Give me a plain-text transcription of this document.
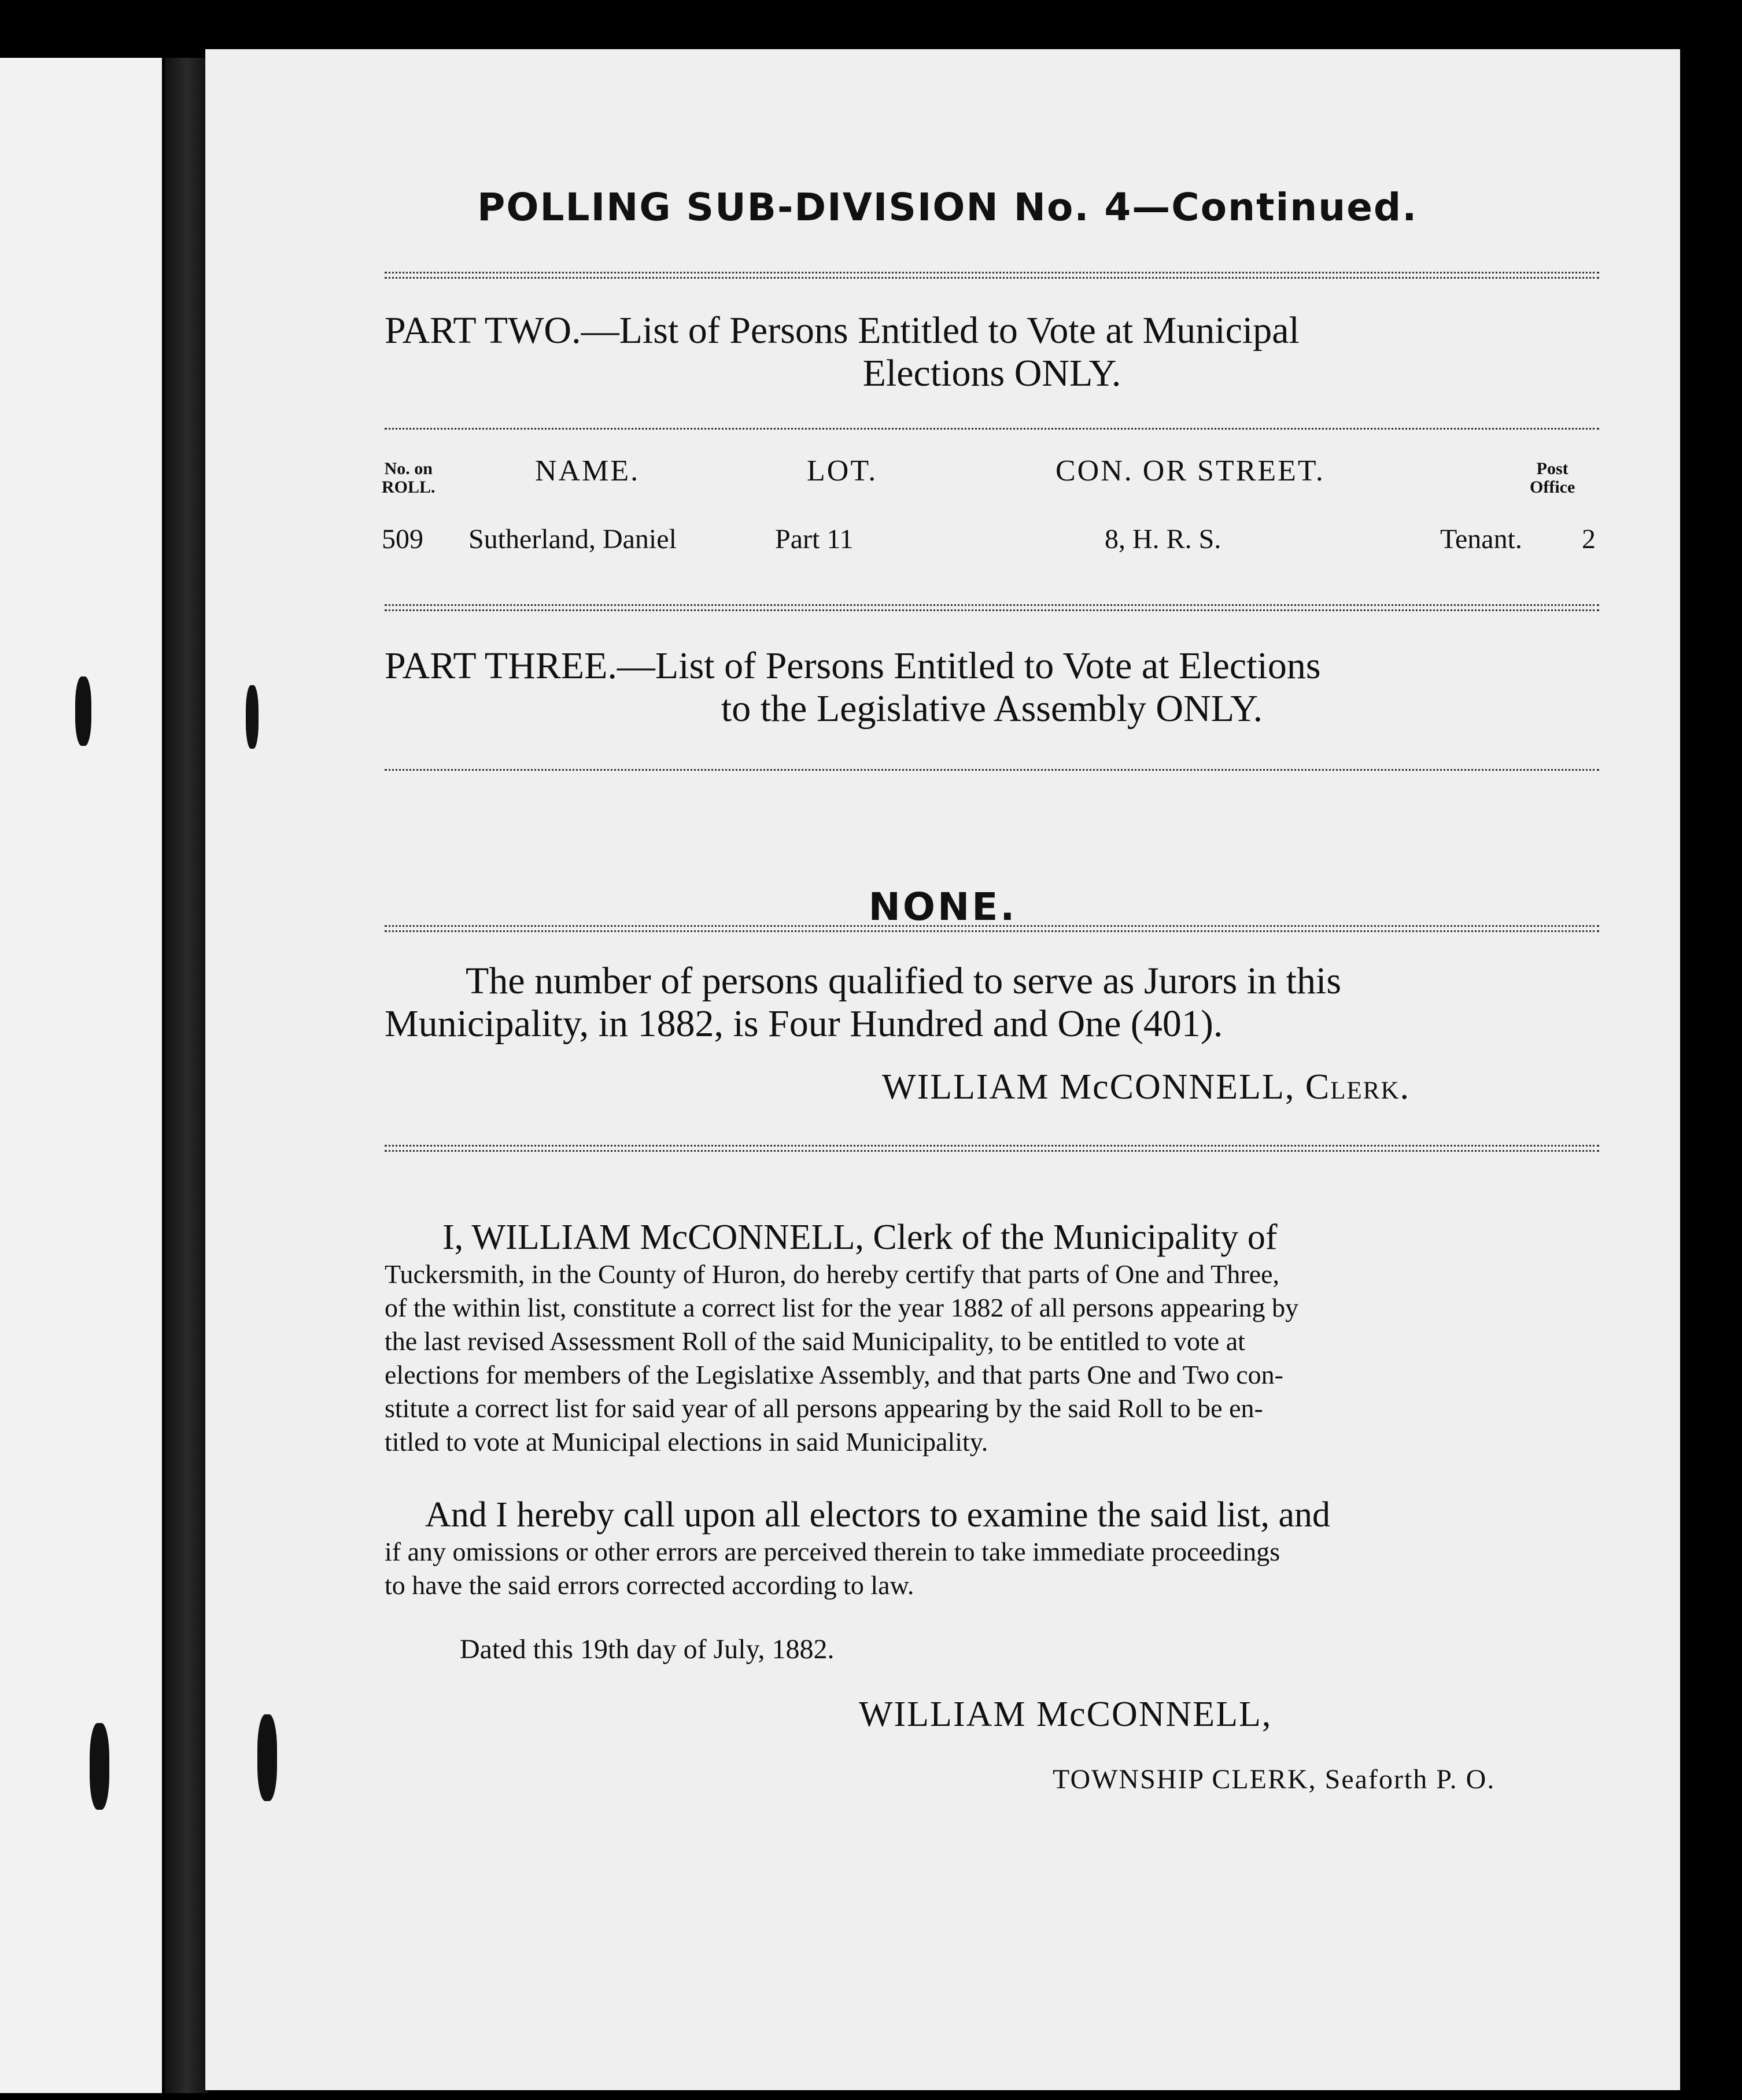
POLLING SUB-DIVISION No. 4—Continued.
PART TWO.—List of Persons Entitled to Vote at Municipal
Elections ONLY.
No. on
ROLL.	NAME.	LOT.	CON. OR STREET.	Post
Office
509 Sutherland, Daniel	Part 11	8, H. R. S.	Tenant. 2
PART THREE.—List of Persons Entitled to Vote at Elections
to the Legislative Assembly ONLY.
NONE.
The number of persons qualified to serve as Jurors in this
Municipality, in 1882, is Four Hundred and One (401).
WILLIAM McCONNELL, Clerk.
I, WILLIAM McCONNELL, Clerk of the Municipality of
Tuckersmith, in the County of Huron, do hereby certify that parts of One and Three,
of the within list, constitute a correct list for the year 1882 of all persons appearing by
the last revised Assessment Roll of the said Municipality, to be entitled to vote at
elections for members of the Legislatixe Assembly, and that parts One and Two con-
stitute a correct list for said year of all persons appearing by the said Roll to be en-
titled to vote at Municipal elections in said Municipality.
And I hereby call upon all electors to examine the said list, and
if any omissions or other errors are perceived therein to take immediate proceedings
to have the said errors corrected according to law.
Dated this 19th day of July, 1882.
WILLIAM McCONNELL,
TOWNSHIP CLERK, Seaforth P. O.
